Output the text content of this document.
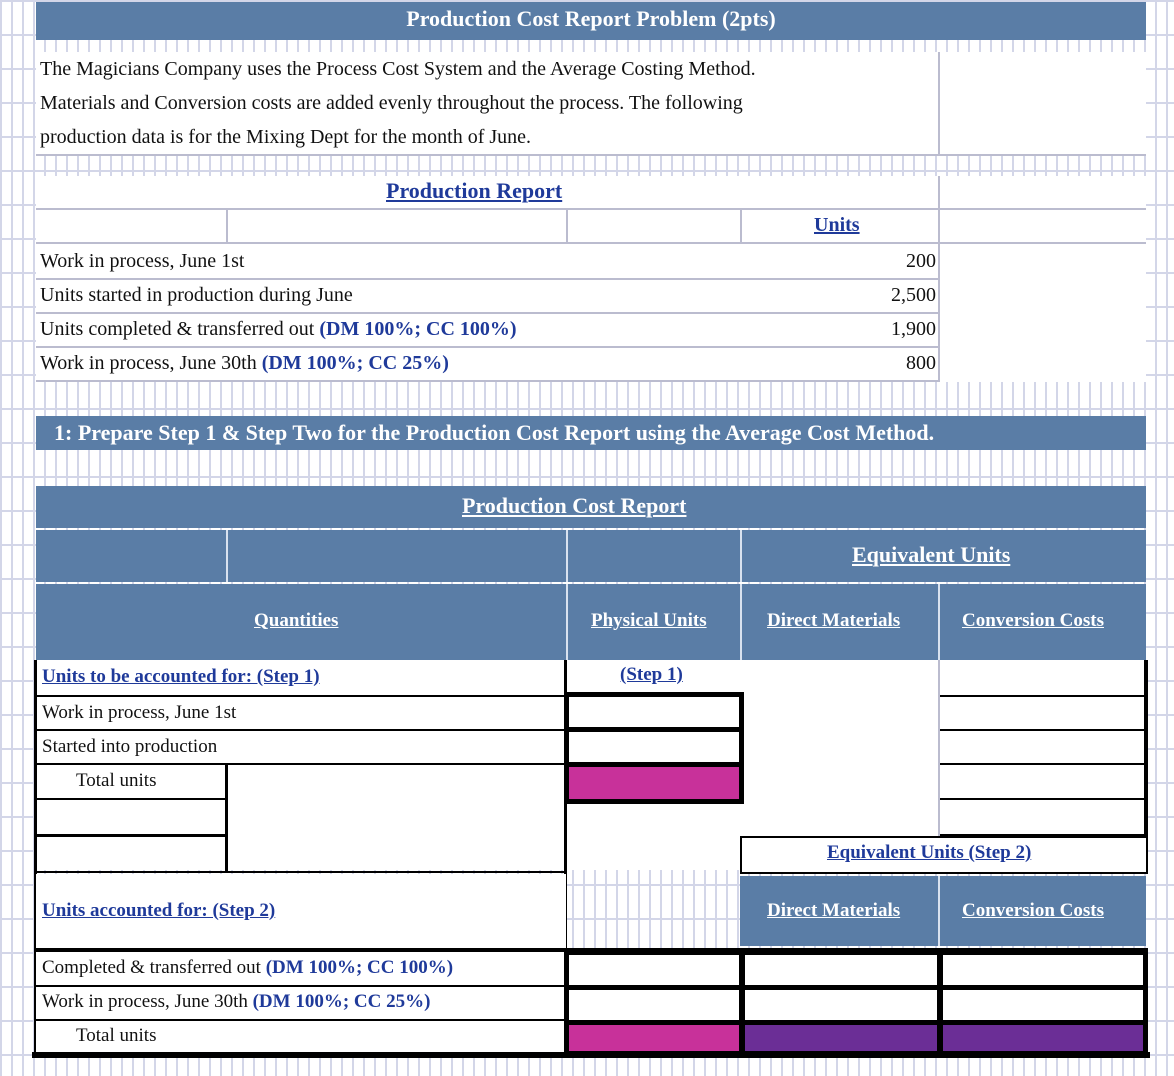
Production Cost Report Problem (2pts)
The Magicians Company uses the Process Cost System and the Average Costing Method.
Materials and Conversion costs are added evenly throughout the process. The following
production data is for the Mixing Dept for the month of June.
Production Report
Units
Work in process, June 1st	200
Units started in production during June	2,500
Units completed & transferred out (DM 100%; CC 100%)	1,900
Work in process, June 30th (DM 100%; CC 25%)	800
1: Prepare Step 1 & Step Two for the Production Cost Report using the Average Cost Method.
Production Cost Report
Equivalent Units
Quantities	Physical Units	Direct Materials	Conversion Costs
Units to be accounted for: (Step 1)	(Step 1)
Work in process, June 1st
Started into production
Total units
Equivalent Units (Step 2)
Units accounted for: (Step 2)	Direct Materials	Conversion Costs
Completed & transferred out (DM 100%; CC 100%)
Work in process, June 30th (DM 100%; CC 25%)
Total units
